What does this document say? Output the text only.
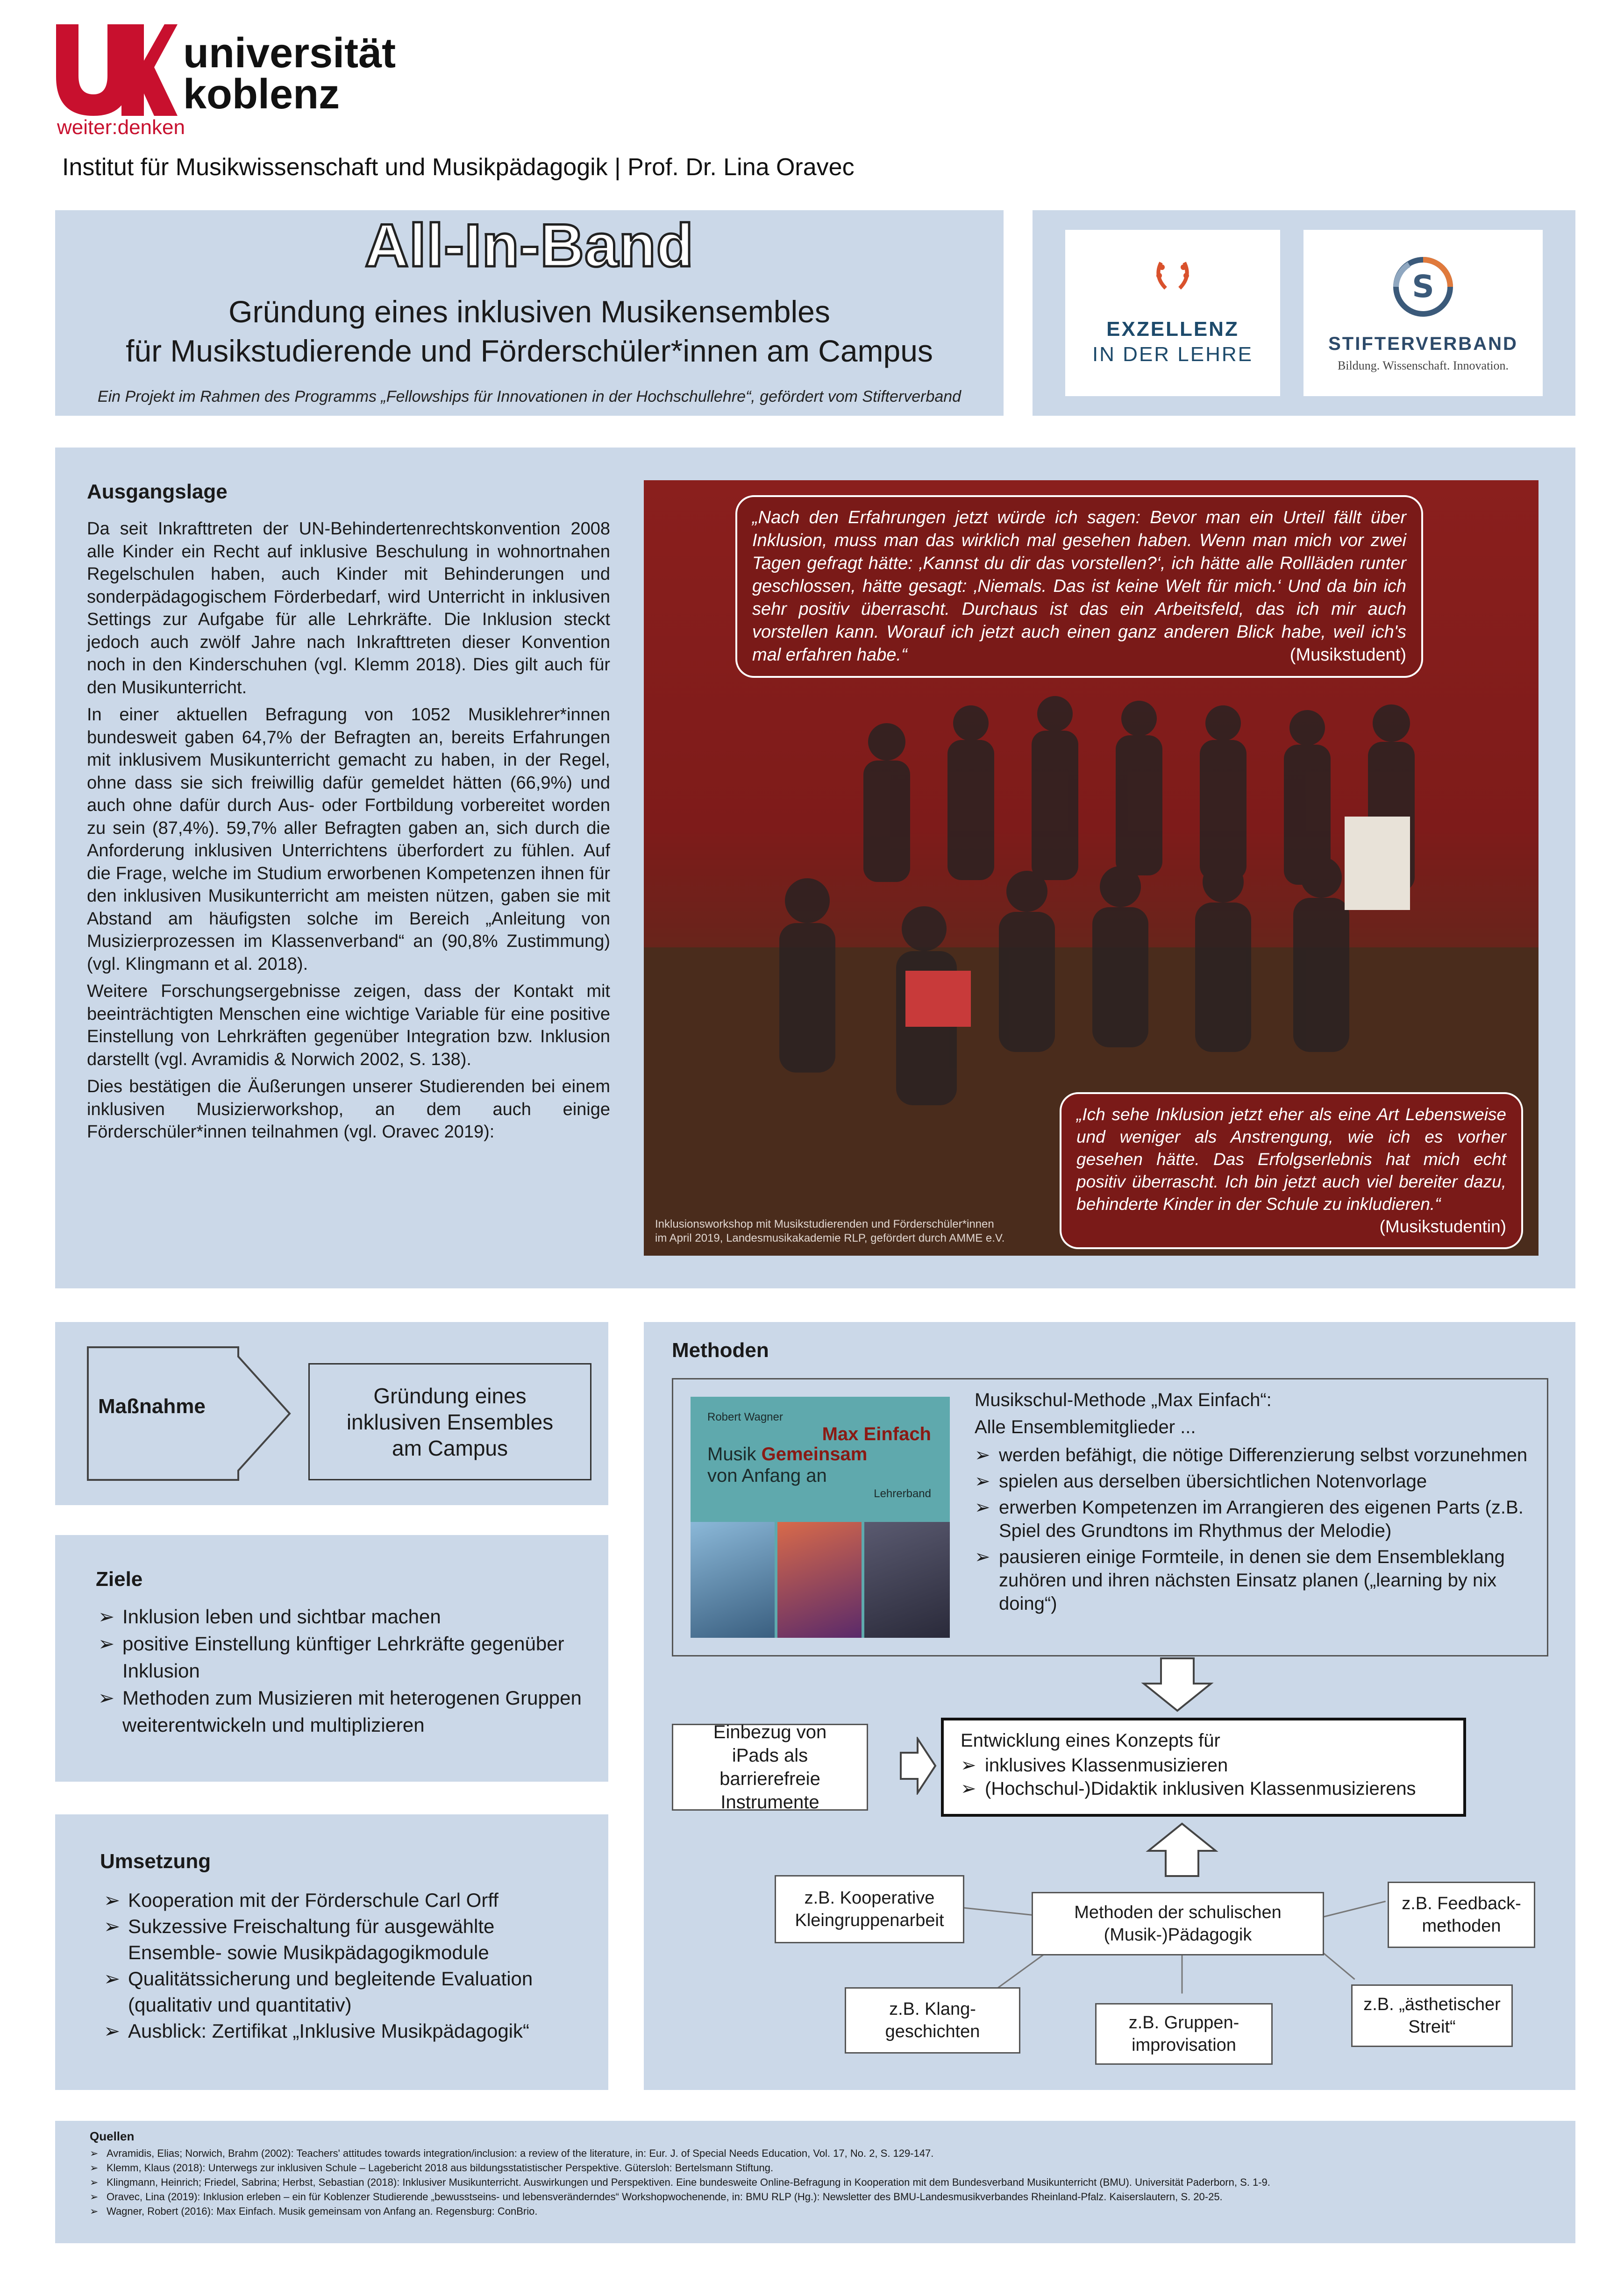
universität
koblenz
weiter:denken
Institut für Musikwissenschaft und Musikpädagogik | Prof. Dr. Lina Oravec
All-In-Band
Gründung eines inklusiven Musikensembles
für Musikstudierende und Förderschüler*innen am Campus
Ein Projekt im Rahmen des Programms „Fellowships für Innovationen in der Hochschullehre“, gefördert vom Stifterverband
EXZELLENZ
IN DER LEHRE
S
STIFTERVERBAND
Bildung. Wissenschaft. Innovation.
Ausgangslage

Da seit Inkrafttreten der UN-Behindertenrechtskonvention 2008 alle Kinder ein Recht auf inklusive Beschulung in wohnortnahen Regelschulen haben, auch Kinder mit Behinderungen und sonderpädagogischem Förderbedarf, wird Unterricht in inklusiven Settings zur Aufgabe für alle Lehrkräfte. Die Inklusion steckt jedoch auch zwölf Jahre nach Inkrafttreten dieser Konvention noch in den Kinderschuhen (vgl. Klemm 2018). Dies gilt auch für den Musikunterricht.

In einer aktuellen Befragung von 1052 Musiklehrer*innen bundesweit gaben 64,7% der Befragten an, bereits Erfahrungen mit inklusivem Musikunterricht gemacht zu haben, in der Regel, ohne dass sie sich freiwillig dafür gemeldet hätten (66,9%) und auch ohne dafür durch Aus- oder Fortbildung vorbereitet worden zu sein (87,4%). 59,7% aller Befragten gaben an, sich durch die Anforderung inklusiven Unterrichtens überfordert zu fühlen. Auf die Frage, welche im Studium erworbenen Kompetenzen ihnen für den inklusiven Musikunterricht am meisten nützen, gaben sie mit Abstand am häufigsten solche im Bereich „Anleitung von Musizierprozessen im Klassenverband“ an (90,8% Zustimmung) (vgl. Klingmann et al. 2018).

Weitere Forschungsergebnisse zeigen, dass der Kontakt mit beeinträchtigten Menschen eine wichtige Variable für eine positive Einstellung von Lehrkräften gegenüber Integration bzw. Inklusion darstellt (vgl. Avramidis & Norwich 2002, S. 138).

Dies bestätigen die Äußerungen unserer Studierenden bei einem inklusiven Musizierworkshop, an dem auch einige Förderschüler*innen teilnahmen (vgl. Oravec 2019):

„Nach den Erfahrungen jetzt würde ich sagen: Bevor man ein Urteil fällt über Inklusion, muss man das wirklich mal gesehen haben. Wenn man mich vor zwei Tagen gefragt hätte: ‚Kannst du dir das vorstellen?‘, ich hätte alle Rollläden runter geschlossen, hätte gesagt: ‚Niemals. Das ist keine Welt für mich.‘ Und da bin ich sehr positiv überrascht. Durchaus ist das ein Arbeitsfeld, das ich mir auch vorstellen kann. Worauf ich jetzt auch einen ganz anderen Blick habe, weil ich's mal erfahren habe.“	(Musikstudent)
„Ich sehe Inklusion jetzt eher als eine Art Lebensweise und weniger als Anstrengung, wie ich es vorher gesehen hätte. Das Erfolgserlebnis hat mich echt positiv überrascht. Ich bin jetzt auch viel bereiter dazu, behinderte Kinder in der Schule zu inkludieren.“
(Musikstudentin)
Inklusionsworkshop mit Musikstudierenden und Förderschüler*innen
im April 2019, Landesmusikakademie RLP, gefördert durch AMME e.V.
Maßnahme	Gründung eines inklusiven Ensembles am Campus
Ziele
➢ Inklusion leben und sichtbar machen
➢ positive Einstellung künftiger Lehrkräfte gegenüber Inklusion
➢ Methoden zum Musizieren mit heterogenen Gruppen weiterentwickeln und multiplizieren
Umsetzung
➢ Kooperation mit der Förderschule Carl Orff
➢ Sukzessive Freischaltung für ausgewählte Ensemble- sowie Musikpädagogikmodule
➢ Qualitätssicherung und begleitende Evaluation (qualitativ und quantitativ)
➢ Ausblick: Zertifikat „Inklusive Musikpädagogik“
Methoden
Robert Wagner
Max Einfach
Musik Gemeinsam
von Anfang an
Lehrerband
Musikschul-Methode „Max Einfach“:
Alle Ensemblemitglieder ...
➢ werden befähigt, die nötige Differenzierung selbst vorzunehmen
➢ spielen aus derselben übersichtlichen Notenvorlage
➢ erwerben Kompetenzen im Arrangieren des eigenen Parts (z.B. Spiel des Grundtons im Rhythmus der Melodie)
➢ pausieren einige Formteile, in denen sie dem Ensembleklang zuhören und ihren nächsten Einsatz planen („learning by nix doing“)
Einbezug von iPads als barrierefreie Instrumente
Entwicklung eines Konzepts für
➢ inklusives Klassenmusizieren
➢ (Hochschul-)Didaktik inklusiven Klassenmusizierens
Methoden der schulischen (Musik-)Pädagogik
z.B. Kooperative Kleingruppenarbeit
z.B. Feedback-methoden
z.B. Klang-geschichten	z.B. Gruppen-improvisation
z.B. „ästhetischer Streit“
Quellen
➢ Avramidis, Elias; Norwich, Brahm (2002): Teachers' attitudes towards integration/inclusion: a review of the literature, in: Eur. J. of Special Needs Education, Vol. 17, No. 2, S. 129-147.
➢ Klemm, Klaus (2018): Unterwegs zur inklusiven Schule – Lagebericht 2018 aus bildungsstatistischer Perspektive. Gütersloh: Bertelsmann Stiftung.
➢ Klingmann, Heinrich; Friedel, Sabrina; Herbst, Sebastian (2018): Inklusiver Musikunterricht. Auswirkungen und Perspektiven. Eine bundesweite Online-Befragung in Kooperation mit dem Bundesverband Musikunterricht (BMU). Universität Paderborn, S. 1-9.
➢ Oravec, Lina (2019): Inklusion erleben – ein für Koblenzer Studierende „bewusstseins- und lebensveränderndes“ Workshopwochenende, in: BMU RLP (Hg.): Newsletter des BMU-Landesmusikverbandes Rheinland-Pfalz. Kaiserslautern, S. 20-25.
➢ Wagner, Robert (2016): Max Einfach. Musik gemeinsam von Anfang an. Regensburg: ConBrio.
